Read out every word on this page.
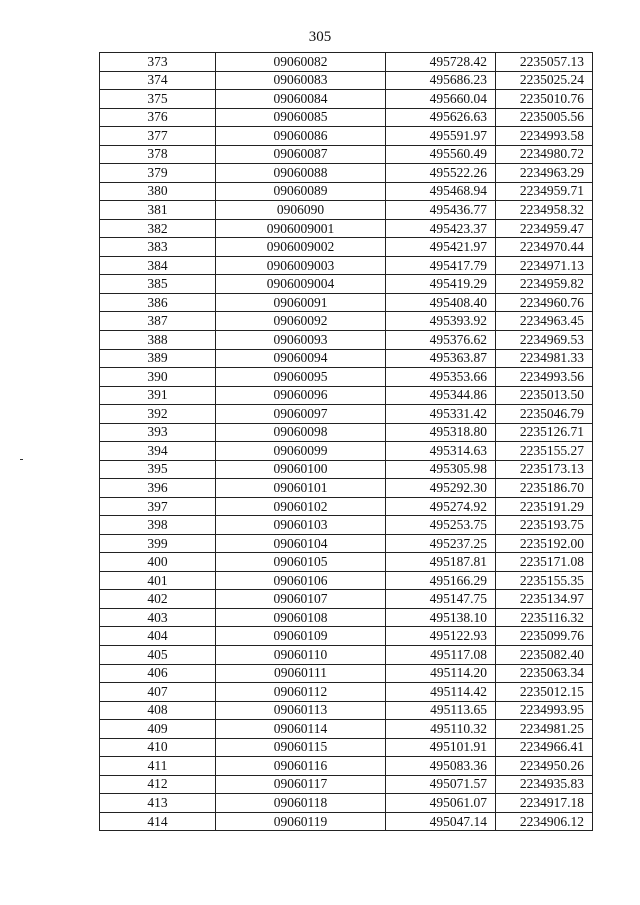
305
373	09060082	495728.42	2235057.13
374	09060083	495686.23	2235025.24
375	09060084	495660.04	2235010.76
376	09060085	495626.63	2235005.56
377	09060086	495591.97	2234993.58
378	09060087	495560.49	2234980.72
379	09060088	495522.26	2234963.29
380	09060089	495468.94	2234959.71
381	0906090	495436.77	2234958.32
382	0906009001	495423.37	2234959.47
383	0906009002	495421.97	2234970.44
384	0906009003	495417.79	2234971.13
385	0906009004	495419.29	2234959.82
386	09060091	495408.40	2234960.76
387	09060092	495393.92	2234963.45
388	09060093	495376.62	2234969.53
389	09060094	495363.87	2234981.33
390	09060095	495353.66	2234993.56
391	09060096	495344.86	2235013.50
392	09060097	495331.42	2235046.79
393	09060098	495318.80	2235126.71
394	09060099	495314.63	2235155.27
395	09060100	495305.98	2235173.13
396	09060101	495292.30	2235186.70
397	09060102	495274.92	2235191.29
398	09060103	495253.75	2235193.75
399	09060104	495237.25	2235192.00
400	09060105	495187.81	2235171.08
401	09060106	495166.29	2235155.35
402	09060107	495147.75	2235134.97
403	09060108	495138.10	2235116.32
404	09060109	495122.93	2235099.76
405	09060110	495117.08	2235082.40
406	09060111	495114.20	2235063.34
407	09060112	495114.42	2235012.15
408	09060113	495113.65	2234993.95
409	09060114	495110.32	2234981.25
410	09060115	495101.91	2234966.41
411	09060116	495083.36	2234950.26
412	09060117	495071.57	2234935.83
413	09060118	495061.07	2234917.18
414	09060119	495047.14	2234906.12
